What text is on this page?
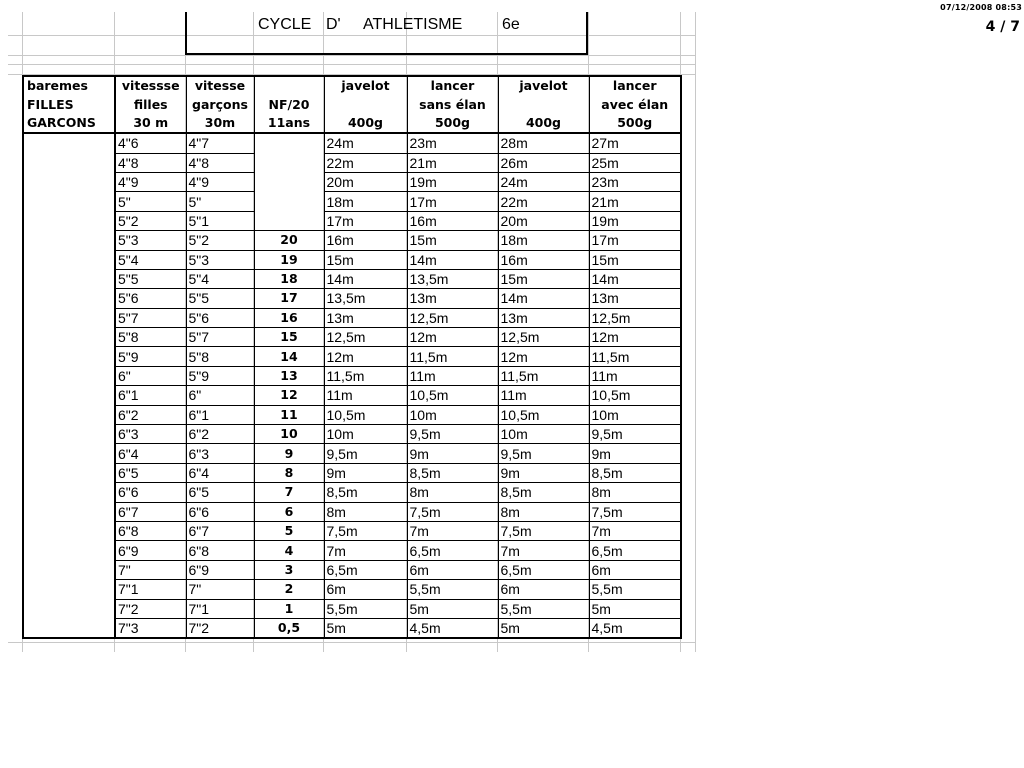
07/12/2008 08:53
4 / 7
CYCLE D' ATHLETISME 6e
baremes	vitessse	vitesse		javelot	lancer	javelot	lancer
FILLES	filles	garçons	NF/20		sans élan		avec élan
GARCONS	30 m	30m	11ans	400g	500g	400g	500g
	4"6	4"7		24m	23m	28m	27m
	4"8	4"8		22m	21m	26m	25m
	4"9	4"9		20m	19m	24m	23m
	5"	5"		18m	17m	22m	21m
	5"2	5"1		17m	16m	20m	19m
	5"3	5"2	20	16m	15m	18m	17m
	5"4	5"3	19	15m	14m	16m	15m
	5"5	5"4	18	14m	13,5m	15m	14m
	5"6	5"5	17	13,5m	13m	14m	13m
	5"7	5"6	16	13m	12,5m	13m	12,5m
	5"8	5"7	15	12,5m	12m	12,5m	12m
	5"9	5"8	14	12m	11,5m	12m	11,5m
	6"	5"9	13	11,5m	11m	11,5m	11m
	6"1	6"	12	11m	10,5m	11m	10,5m
	6"2	6"1	11	10,5m	10m	10,5m	10m
	6"3	6"2	10	10m	9,5m	10m	9,5m
	6"4	6"3	9	9,5m	9m	9,5m	9m
	6"5	6"4	8	9m	8,5m	9m	8,5m
	6"6	6"5	7	8,5m	8m	8,5m	8m
	6"7	6"6	6	8m	7,5m	8m	7,5m
	6"8	6"7	5	7,5m	7m	7,5m	7m
	6"9	6"8	4	7m	6,5m	7m	6,5m
	7"	6"9	3	6,5m	6m	6,5m	6m
	7"1	7"	2	6m	5,5m	6m	5,5m
	7"2	7"1	1	5,5m	5m	5,5m	5m
	7"3	7"2	0,5	5m	4,5m	5m	4,5m
